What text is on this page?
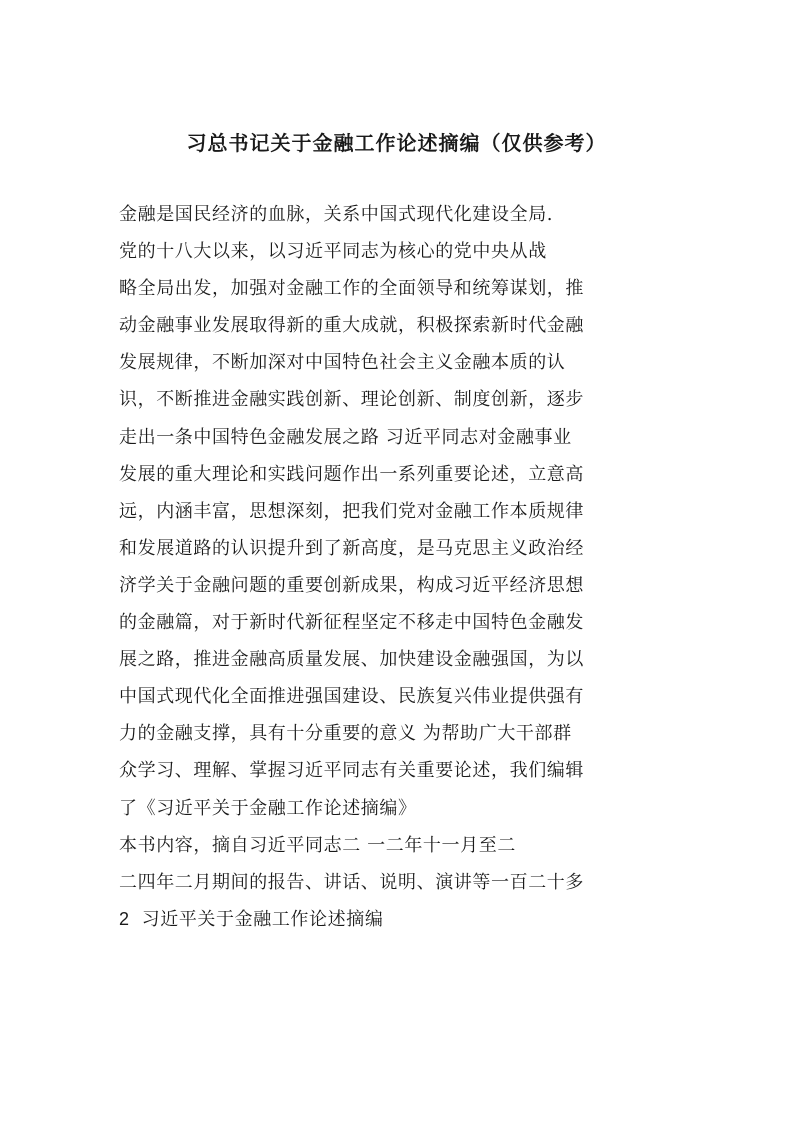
习总书记关于金融工作论述摘编（仅供参考）
金融是国民经济的血脉，关系中国式现代化建设全局.
党的十八大以来，以习近平同志为核心的党中央从战
略全局出发，加强对金融工作的全面领导和统筹谋划，推
动金融事业发展取得新的重大成就，积极探索新时代金融
发展规律，不断加深对中国特色社会主义金融本质的认
识，不断推进金融实践创新、理论创新、制度创新，逐步
走出一条中国特色金融发展之路 习近平同志对金融事业
发展的重大理论和实践问题作出一系列重要论述，立意高
远，内涵丰富，思想深刻，把我们党对金融工作本质规律
和发展道路的认识提升到了新高度，是马克思主义政治经
济学关于金融问题的重要创新成果，构成习近平经济思想
的金融篇，对于新时代新征程坚定不移走中国特色金融发
展之路，推进金融高质量发展、加快建设金融强国，为以
中国式现代化全面推进强国建设、民族复兴伟业提供强有
力的金融支撑，具有十分重要的意义 为帮助广大干部群
众学习、理解、掌握习近平同志有关重要论述，我们编辑
了《习近平关于金融工作论述摘编》
本书内容，摘自习近平同志二 一二年十一月至二
二四年二月期间的报告、讲话、说明、演讲等一百二十多
2 习近平关于金融工作论述摘编
